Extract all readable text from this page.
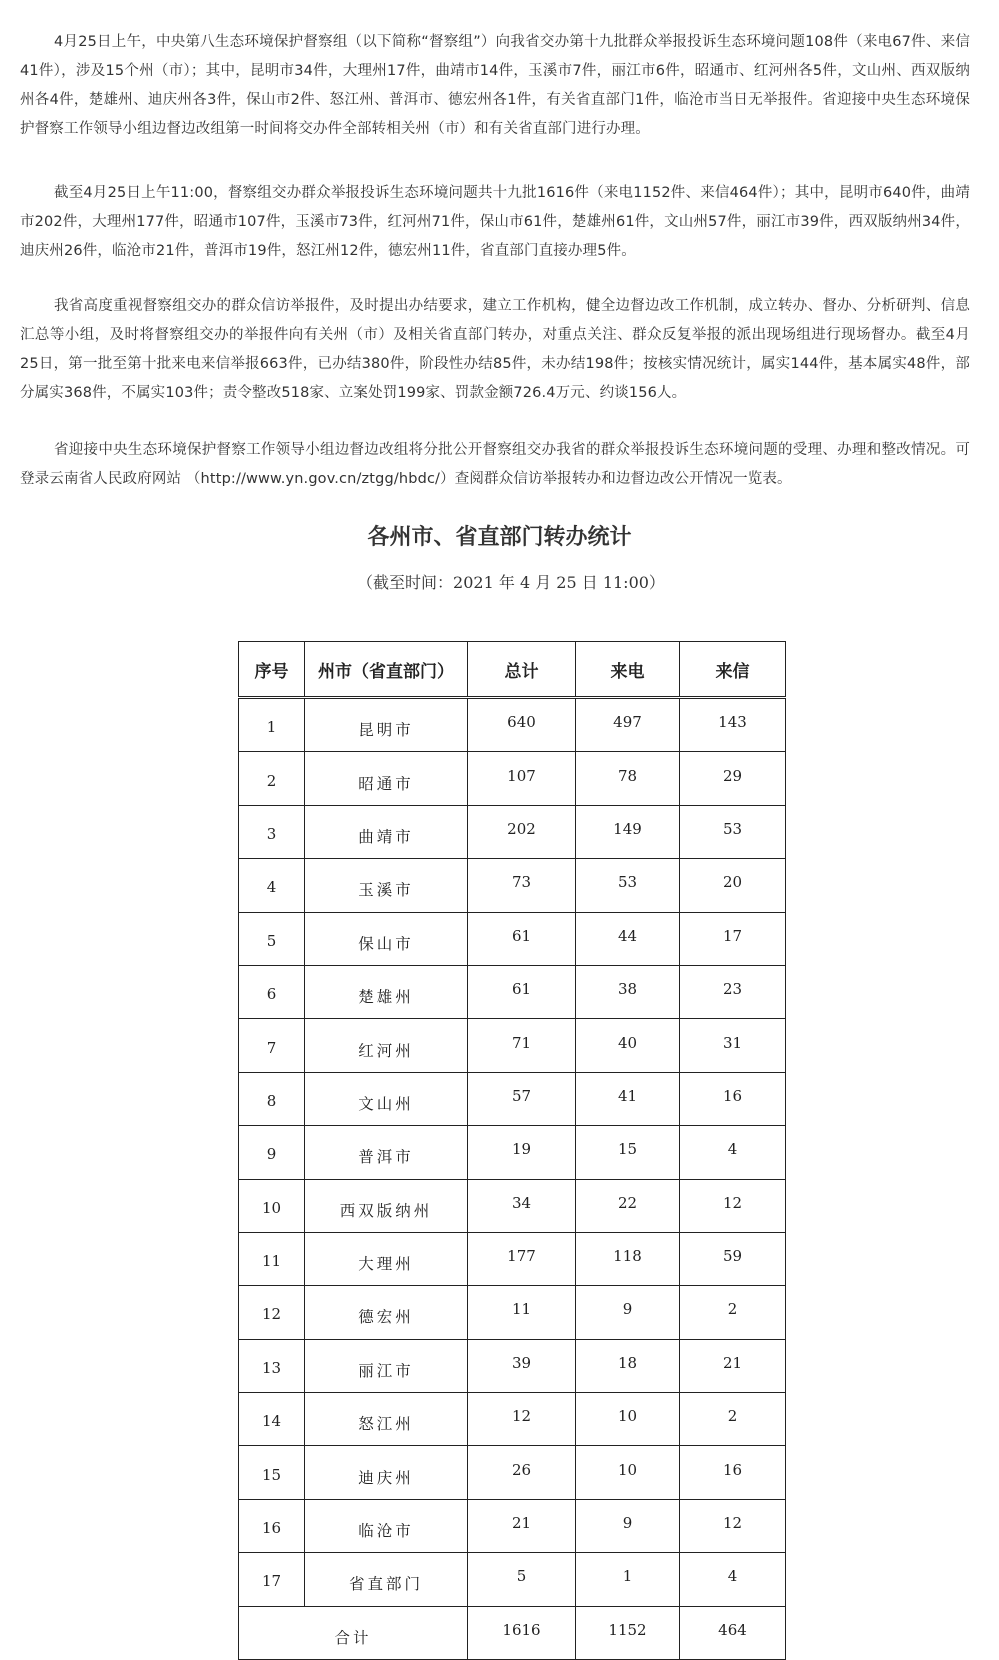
4月25日上午，中央第八生态环境保护督察组（以下简称“督察组”）向我省交办第十九批群众举报投诉生态环境问题108件（来电67件、来信41件），涉及15个州（市）；其中，昆明市34件，大理州17件，曲靖市14件，玉溪市7件，丽江市6件，昭通市、红河州各5件，文山州、西双版纳州各4件，楚雄州、迪庆州各3件，保山市2件、怒江州、普洱市、德宏州各1件，有关省直部门1件，临沧市当日无举报件。省迎接中央生态环境保护督察工作领导小组边督边改组第一时间将交办件全部转相关州（市）和有关省直部门进行办理。

截至4月25日上午11:00，督察组交办群众举报投诉生态环境问题共十九批1616件（来电1152件、来信464件）；其中，昆明市640件，曲靖市202件，大理州177件，昭通市107件，玉溪市73件，红河州71件，保山市61件，楚雄州61件，文山州57件，丽江市39件，西双版纳州34件，迪庆州26件，临沧市21件，普洱市19件，怒江州12件，德宏州11件，省直部门直接办理5件。

我省高度重视督察组交办的群众信访举报件，及时提出办结要求，建立工作机构，健全边督边改工作机制，成立转办、督办、分析研判、信息汇总等小组，及时将督察组交办的举报件向有关州（市）及相关省直部门转办，对重点关注、群众反复举报的派出现场组进行现场督办。截至4月25日，第一批至第十批来电来信举报663件，已办结380件，阶段性办结85件，未办结198件；按核实情况统计，属实144件，基本属实48件，部分属实368件，不属实103件；责令整改518家、立案处罚199家、罚款金额726.4万元、约谈156人。

省迎接中央生态环境保护督察工作领导小组边督边改组将分批公开督察组交办我省的群众举报投诉生态环境问题的受理、办理和整改情况。可登录云南省人民政府网站 （http://www.yn.gov.cn/ztgg/hbdc/）查阅群众信访举报转办和边督边改公开情况一览表。

各州市、省直部门转办统计
（截至时间：2021 年 4 月 25 日 11:00）
序号	州市（省直部门）	总计	来电	来信
1	昆明市	640	497	143
2	昭通市	107	78	29
3	曲靖市	202	149	53
4	玉溪市	73	53	20
5	保山市	61	44	17
6	楚雄州	61	38	23
7	红河州	71	40	31
8	文山州	57	41	16
9	普洱市	19	15	4
10	西双版纳州	34	22	12
11	大理州	177	118	59
12	德宏州	11	9	2
13	丽江市	39	18	21
14	怒江州	12	10	2
15	迪庆州	26	10	16
16	临沧市	21	9	12
17	省直部门	5	1	4
合计		1616	1152	464
